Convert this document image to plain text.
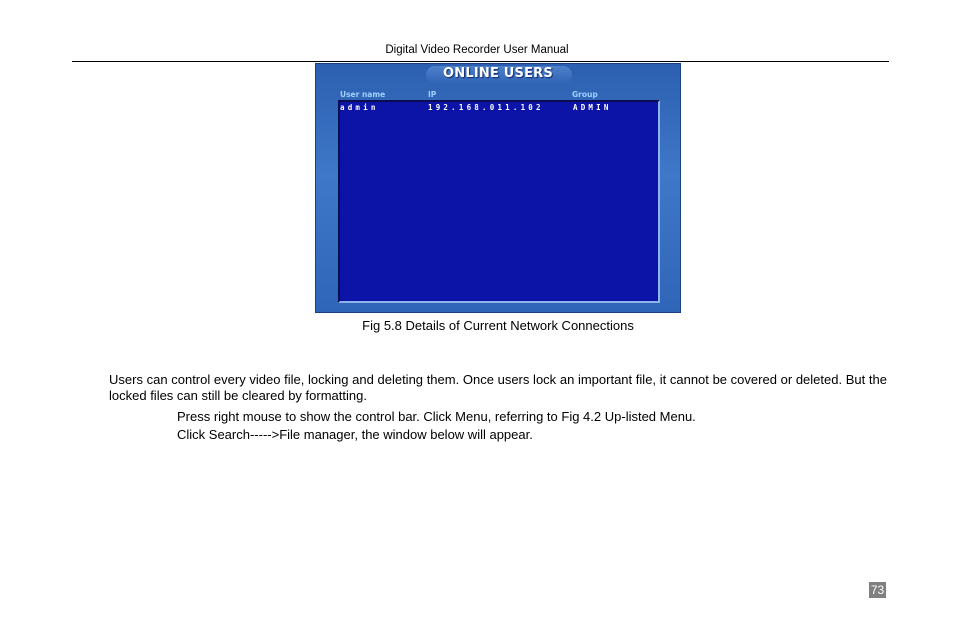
Digital Video Recorder User Manual
ONLINE USERS
User name	IP	Group
admin	192.168.011.102	ADMIN
Fig 5.8 Details of Current Network Connections

Users can control every video file, locking and deleting them. Once users lock an important file, it cannot be covered or deleted. But the locked files can still be cleared by formatting.

Press right mouse to show the control bar. Click Menu, referring to Fig 4.2 Up-listed Menu.
Click Search----->File manager, the window below will appear.
73
